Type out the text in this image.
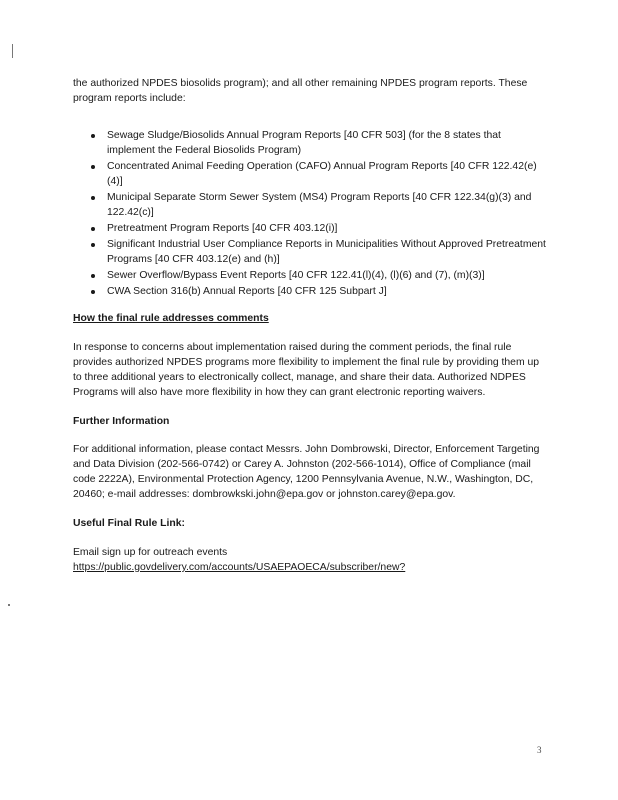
the authorized NPDES biosolids program); and all other remaining NPDES program reports. These program reports include:

Sewage Sludge/Biosolids Annual Program Reports [40 CFR 503] (for the 8 states that implement the Federal Biosolids Program)
Concentrated Animal Feeding Operation (CAFO) Annual Program Reports [40 CFR 122.42(e)(4)]
Municipal Separate Storm Sewer System (MS4) Program Reports [40 CFR 122.34(g)(3) and 122.42(c)]
Pretreatment Program Reports [40 CFR 403.12(i)]
Significant Industrial User Compliance Reports in Municipalities Without Approved Pretreatment Programs [40 CFR 403.12(e) and (h)]
Sewer Overflow/Bypass Event Reports [40 CFR 122.41(l)(4), (l)(6) and (7), (m)(3)]
CWA Section 316(b) Annual Reports [40 CFR 125 Subpart J]

How the final rule addresses comments

In response to concerns about implementation raised during the comment periods, the final rule provides authorized NPDES programs more flexibility to implement the final rule by providing them up to three additional years to electronically collect, manage, and share their data. Authorized NDPES Programs will also have more flexibility in how they can grant electronic reporting waivers.

Further Information

For additional information, please contact Messrs. John Dombrowski, Director, Enforcement Targeting and Data Division (202-566-0742) or Carey A. Johnston (202-566-1014), Office of Compliance (mail code 2222A), Environmental Protection Agency, 1200 Pennsylvania Avenue, N.W., Washington, DC, 20460; e-mail addresses: dombrowkski.john@epa.gov or johnston.carey@epa.gov.

Useful Final Rule Link:

Email sign up for outreach events

https://public.govdelivery.com/accounts/USAEPAOECA/subscriber/new?
3
